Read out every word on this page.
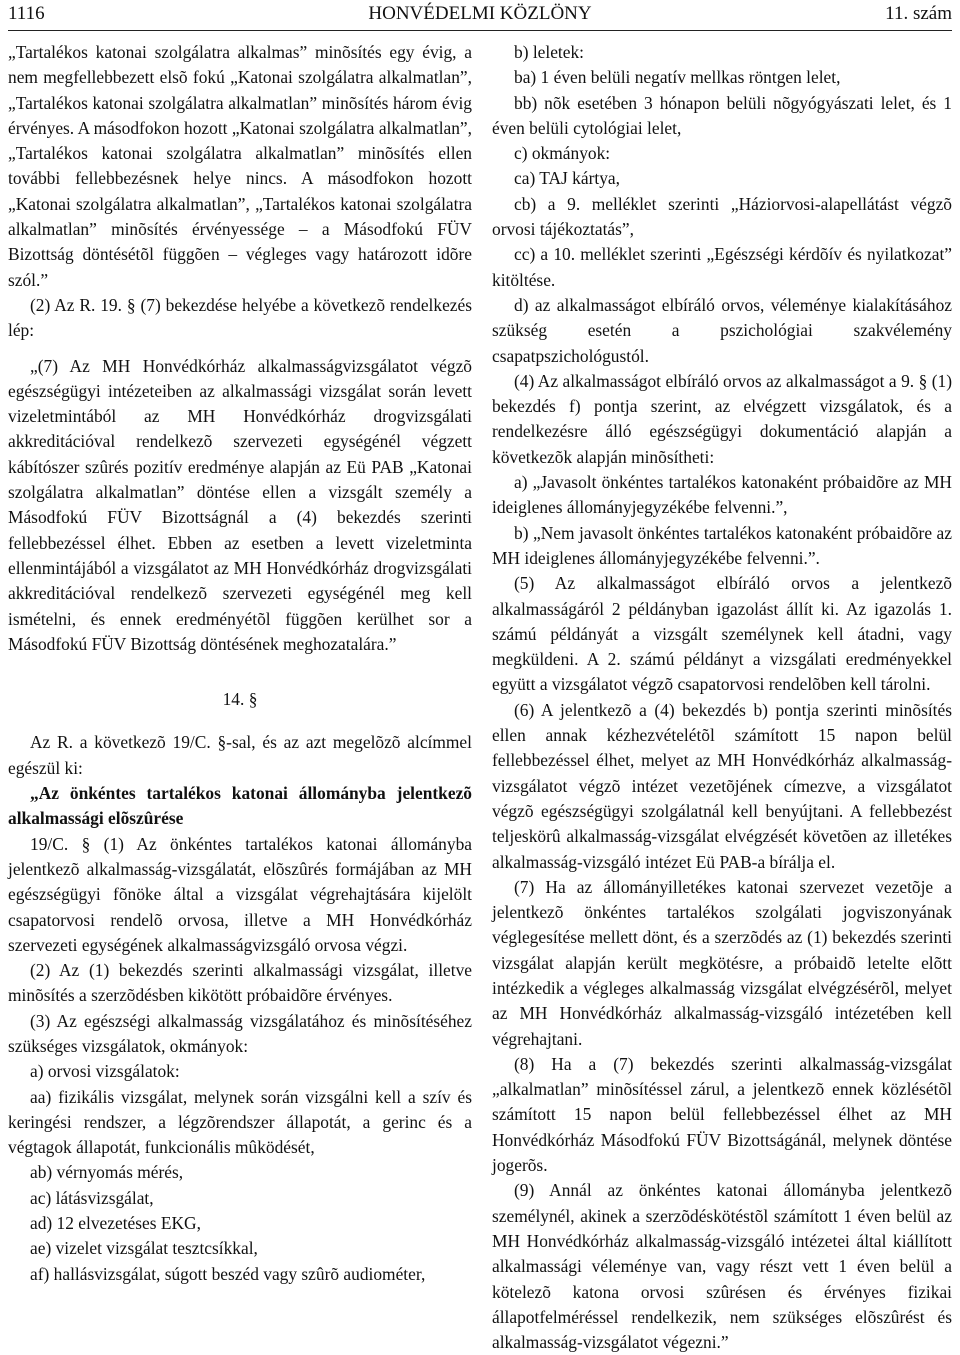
1116	HONVÉDELMI KÖZLÖNY	11. szám

„Tartalékos katonai szolgálatra alkalmas” minõsítés egy évig, a nem megfellebbezett elsõ fokú „Katonai szolgálatra alkalmatlan”, „Tartalékos katonai szolgálatra alkalmatlan” minõsítés három évig érvényes. A másodfokon hozott „Katonai szolgálatra alkalmatlan”, „Tartalékos katonai szolgálatra alkalmatlan” minõsítés ellen további fellebbezésnek helye nincs. A másodfokon hozott „Katonai szolgálatra alkalmatlan”, „Tartalékos katonai szolgálatra alkalmatlan” minõsítés érvényessége – a Másodfokú FÜV Bizottság döntésétõl függõen – végleges vagy határozott idõre szól.”

(2) Az R. 19. § (7) bekezdése helyébe a következõ rendelkezés lép:

„(7) Az MH Honvédkórház alkalmasságvizsgálatot végzõ egészségügyi intézeteiben az alkalmassági vizsgálat során levett vizeletmintából az MH Honvédkórház drogvizsgálati akkreditációval rendelkezõ szervezeti egységénél végzett kábítószer szûrés pozitív eredménye alapján az Eü PAB „Katonai szolgálatra alkalmatlan” döntése ellen a vizsgált személy a Másodfokú FÜV Bizottságnál a (4) bekezdés szerinti fellebbezéssel élhet. Ebben az esetben a levett vizeletminta ellenmintájából a vizsgálatot az MH Honvédkórház drogvizsgálati akkreditációval rendelkezõ szervezeti egységénél meg kell ismételni, és ennek eredményétõl függõen kerülhet sor a Másodfokú FÜV Bizottság döntésének meghozatalára.”

14. §

Az R. a következõ 19/C. §-sal, és az azt megelõzõ alcímmel egészül ki:

„Az önkéntes tartalékos katonai állományba jelentkezõ alkalmassági elõszûrése

19/C. § (1) Az önkéntes tartalékos katonai állományba jelentkezõ alkalmasság-vizsgálatát, elõszûrés formájában az MH egészségügyi fõnöke által a vizsgálat végrehajtására kijelölt csapatorvosi rendelõ orvosa, illetve a MH Honvédkórház szervezeti egységének alkalmasságvizsgáló orvosa végzi.

(2) Az (1) bekezdés szerinti alkalmassági vizsgálat, illetve minõsítés a szerzõdésben kikötött próbaidõre érvényes.

(3) Az egészségi alkalmasság vizsgálatához és minõsítéséhez szükséges vizsgálatok, okmányok:

a) orvosi vizsgálatok:

aa) fizikális vizsgálat, melynek során vizsgálni kell a szív és keringési rendszer, a légzõrendszer állapotát, a gerinc és a végtagok állapotát, funkcionális mûködését,

ab) vérnyomás mérés,

ac) látásvizsgálat,

ad) 12 elvezetéses EKG,

ae) vizelet vizsgálat tesztcsíkkal,

af) hallásvizsgálat, súgott beszéd vagy szûrõ audiométer,

b) leletek:

ba) 1 éven belüli negatív mellkas röntgen lelet,

bb) nõk esetében 3 hónapon belüli nõgyógyászati lelet, és 1 éven belüli cytológiai lelet,

c) okmányok:

ca) TAJ kártya,

cb) a 9. melléklet szerinti „Háziorvosi-alapellátást végzõ orvosi tájékoztatás”,

cc) a 10. melléklet szerinti „Egészségi kérdõív és nyilatkozat” kitöltése.

d) az alkalmasságot elbíráló orvos, véleménye kialakításához szükség esetén a pszichológiai szakvélemény csapatpszichológustól.

(4) Az alkalmasságot elbíráló orvos az alkalmasságot a 9. § (1) bekezdés f) pontja szerint, az elvégzett vizsgálatok, és a rendelkezésre álló egészségügyi dokumentáció alapján a következõk alapján minõsítheti:

a) „Javasolt önkéntes tartalékos katonaként próbaidõre az MH ideiglenes állományjegyzékébe felvenni.”,

b) „Nem javasolt önkéntes tartalékos katonaként próbaidõre az MH ideiglenes állományjegyzékébe felvenni.”.

(5) Az alkalmasságot elbíráló orvos a jelentkezõ alkalmasságáról 2 példányban igazolást állít ki. Az igazolás 1. számú példányát a vizsgált személynek kell átadni, vagy megküldeni. A 2. számú példányt a vizsgálati eredményekkel együtt a vizsgálatot végzõ csapatorvosi rendelõben kell tárolni.

(6) A jelentkezõ a (4) bekezdés b) pontja szerinti minõsítés ellen annak kézhezvételétõl számított 15 napon belül fellebbezéssel élhet, melyet az MH Honvédkórház alkalmasság-vizsgálatot végzõ intézet vezetõjének címezve, a vizsgálatot végzõ egészségügyi szolgálatnál kell benyújtani. A fellebbezést teljeskörû alkalmasság-vizsgálat elvégzését követõen az illetékes alkalmasság-vizsgáló intézet Eü PAB-a bírálja el.

(7) Ha az állományilletékes katonai szervezet vezetõje a jelentkezõ önkéntes tartalékos szolgálati jogviszonyának véglegesítése mellett dönt, és a szerzõdés az (1) bekezdés szerinti vizsgálat alapján került megkötésre, a próbaidõ letelte elõtt intézkedik a végleges alkalmasság vizsgálat elvégzésérõl, melyet az MH Honvédkórház alkalmasság-vizsgáló intézetében kell végrehajtani.

(8) Ha a (7) bekezdés szerinti alkalmasság-vizsgálat „alkalmatlan” minõsítéssel zárul, a jelentkezõ ennek közlésétõl számított 15 napon belül fellebbezéssel élhet az MH Honvédkórház Másodfokú FÜV Bizottságánál, melynek döntése jogerõs.

(9) Annál az önkéntes katonai állományba jelentkezõ személynél, akinek a szerzõdéskötéstõl számított 1 éven belül az MH Honvédkórház alkalmasság-vizsgáló intézetei által kiállított alkalmassági véleménye van, vagy részt vett 1 éven belül a kötelezõ katona orvosi szûrésen és érvényes fizikai állapotfelméréssel rendelkezik, nem szükséges elõszûrést és alkalmasság-vizsgálatot végezni.”
